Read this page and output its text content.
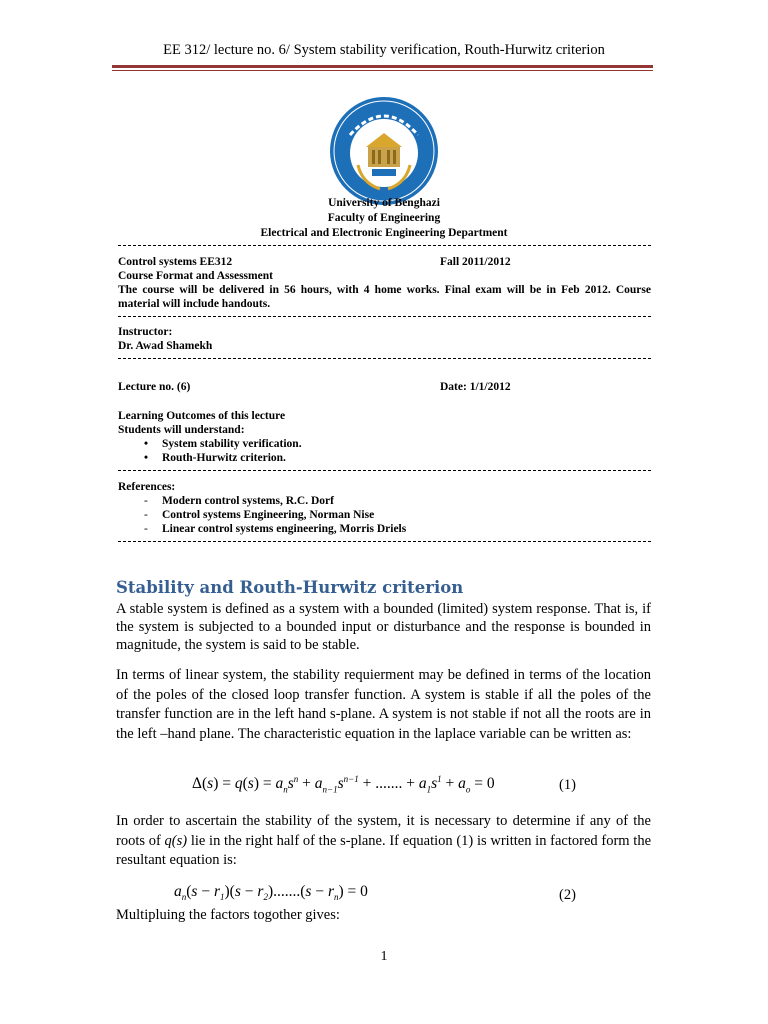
EE 312/ lecture no. 6/ System stability verification, Routh-Hurwitz criterion
University of Benghazi
Faculty of Engineering
Electrical and Electronic Engineering Department
Control systems EE312	Fall 2011/2012
Course Format and Assessment
The course will be delivered in 56 hours, with 4 home works. Final exam will be in Feb 2012. Course material will include handouts.
Instructor:
Dr. Awad Shamekh
Lecture no. (6)	Date: 1/1/2012
Learning Outcomes of this lecture
Students will understand:
• System stability verification.
• Routh-Hurwitz criterion.
References:
- Modern control systems, R.C. Dorf
- Control systems Engineering, Norman Nise
- Linear control systems engineering, Morris Driels
Stability and Routh-Hurwitz criterion
A stable system is defined as a system with a bounded (limited) system response. That is, if the system is subjected to a bounded input or disturbance and the response is bounded in magnitude, the system is said to be stable.
In terms of linear system, the stability requierment may be defined in terms of the location of the poles of the closed loop transfer function. A system is stable if all the poles of the transfer function are in the left hand s-plane. A system is not stable if not all the roots are in the left –hand plane. The characteristic equation in the laplace variable can be written as:
$\Delta(s) = q(s) = a_ns^n + a_{n-1}s^{n-1}$ + ....... + $a_1s^1 + a_o = 0$	(1)
In order to ascertain the stability of the system, it is necessary to determine if any of the roots of q(s) lie in the right half of the s-plane. If equation (1) is written in factored form the resultant equation is:
$a_n(s - r_1)(s - r_2).......(s - r_n) = 0$	(2)
Multipluing the factors togother gives:
1
